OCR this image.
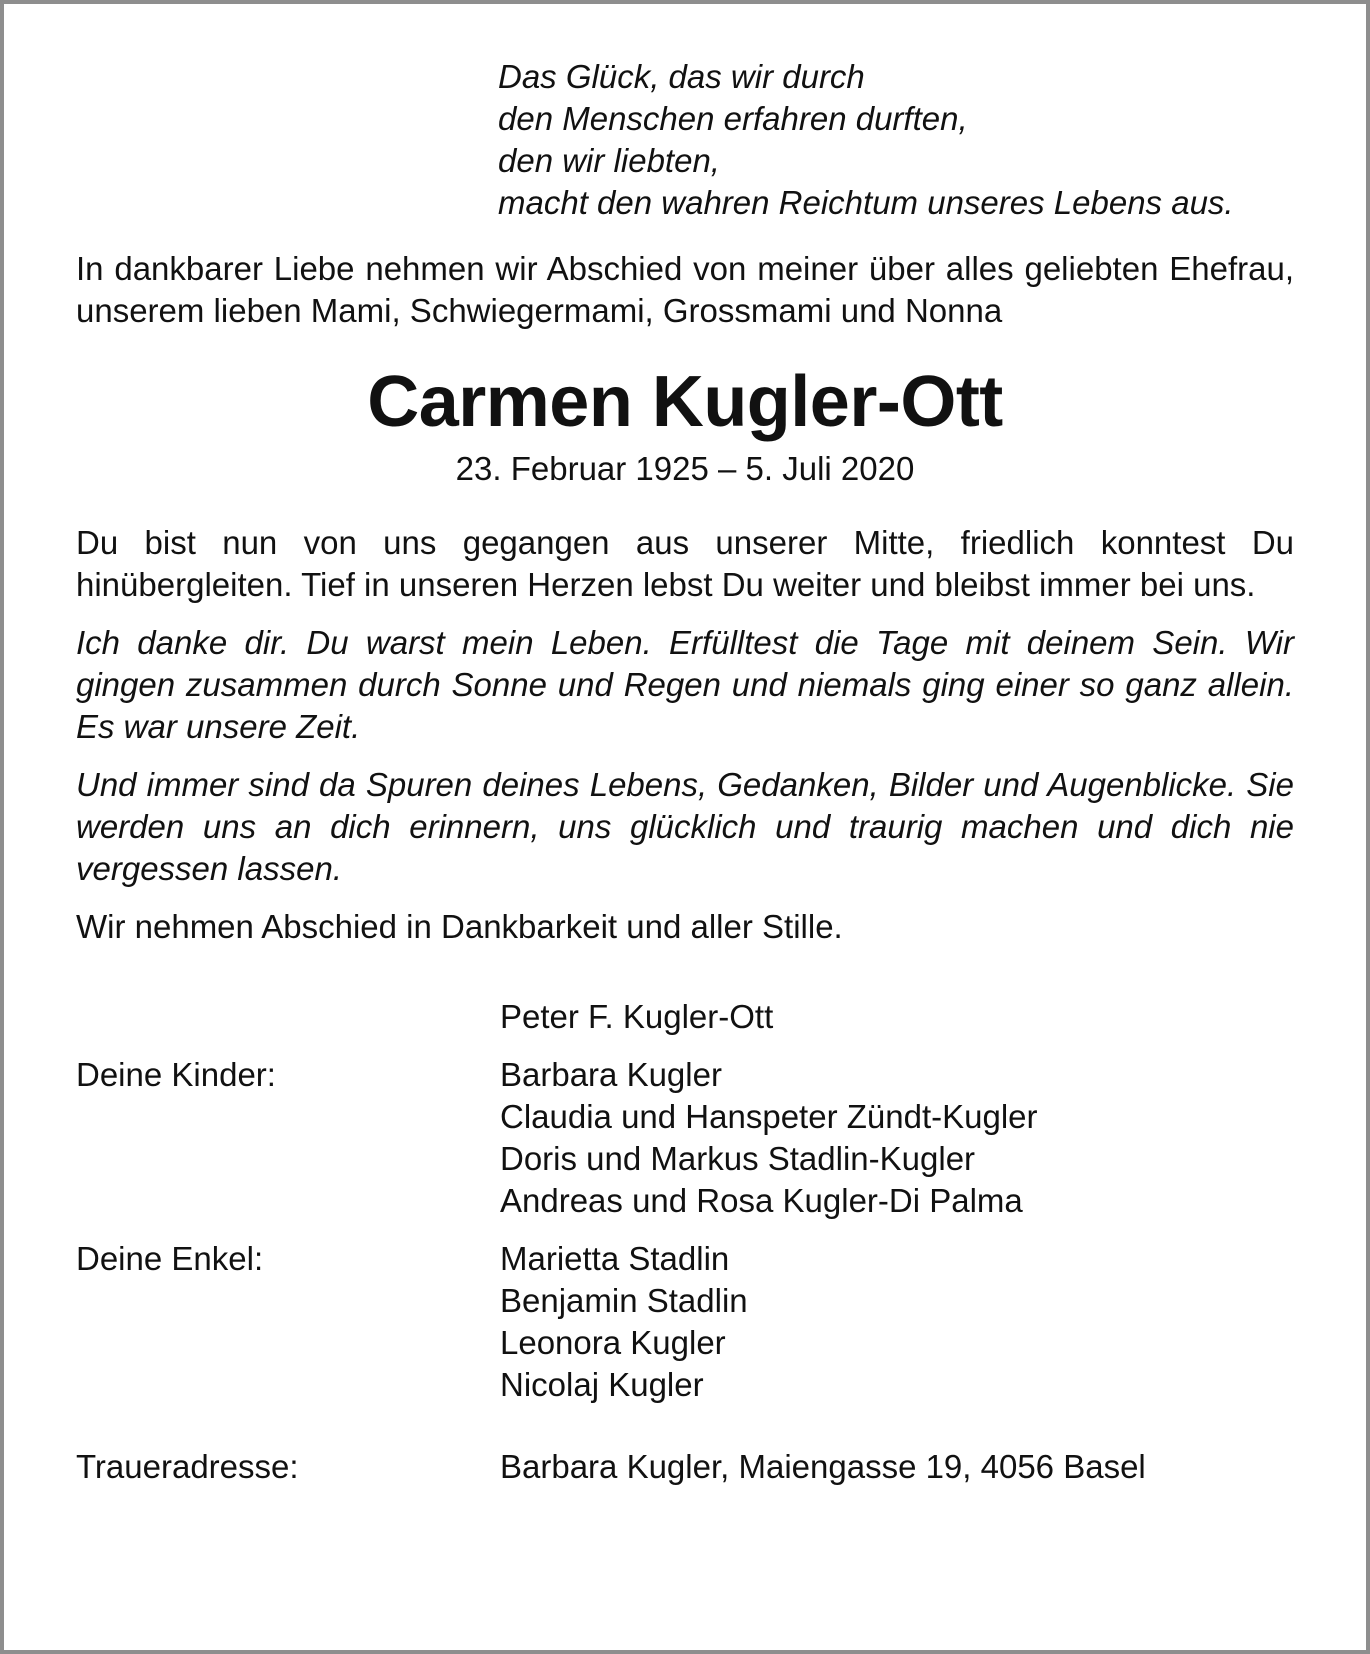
Das Glück, das wir durch
den Menschen erfahren durften,
den wir liebten,
macht den wahren Reichtum unseres Lebens aus.
In dankbarer Liebe nehmen wir Abschied von meiner über alles geliebten Ehefrau, unserem lieben Mami, Schwiegermami, Grossmami und Nonna
Carmen Kugler-Ott
23. Februar 1925 – 5. Juli 2020
Du bist nun von uns gegangen aus unserer Mitte, friedlich konntest Du hinübergleiten. Tief in unseren Herzen lebst Du weiter und bleibst immer bei uns.
Ich danke dir. Du warst mein Leben. Erfülltest die Tage mit deinem Sein. Wir gingen zusammen durch Sonne und Regen und niemals ging einer so ganz allein. Es war unsere Zeit.
Und immer sind da Spuren deines Lebens, Gedanken, Bilder und Augenblicke. Sie werden uns an dich erinnern, uns glücklich und traurig machen und dich nie vergessen lassen.
Wir nehmen Abschied in Dankbarkeit und aller Stille.
Peter F. Kugler-Ott
Deine Kinder:	Barbara Kugler
Claudia und Hanspeter Zündt-Kugler
Doris und Markus Stadlin-Kugler
Andreas und Rosa Kugler-Di Palma
Deine Enkel:	Marietta Stadlin
Benjamin Stadlin
Leonora Kugler
Nicolaj Kugler
Traueradresse:	Barbara Kugler, Maiengasse 19, 4056 Basel
